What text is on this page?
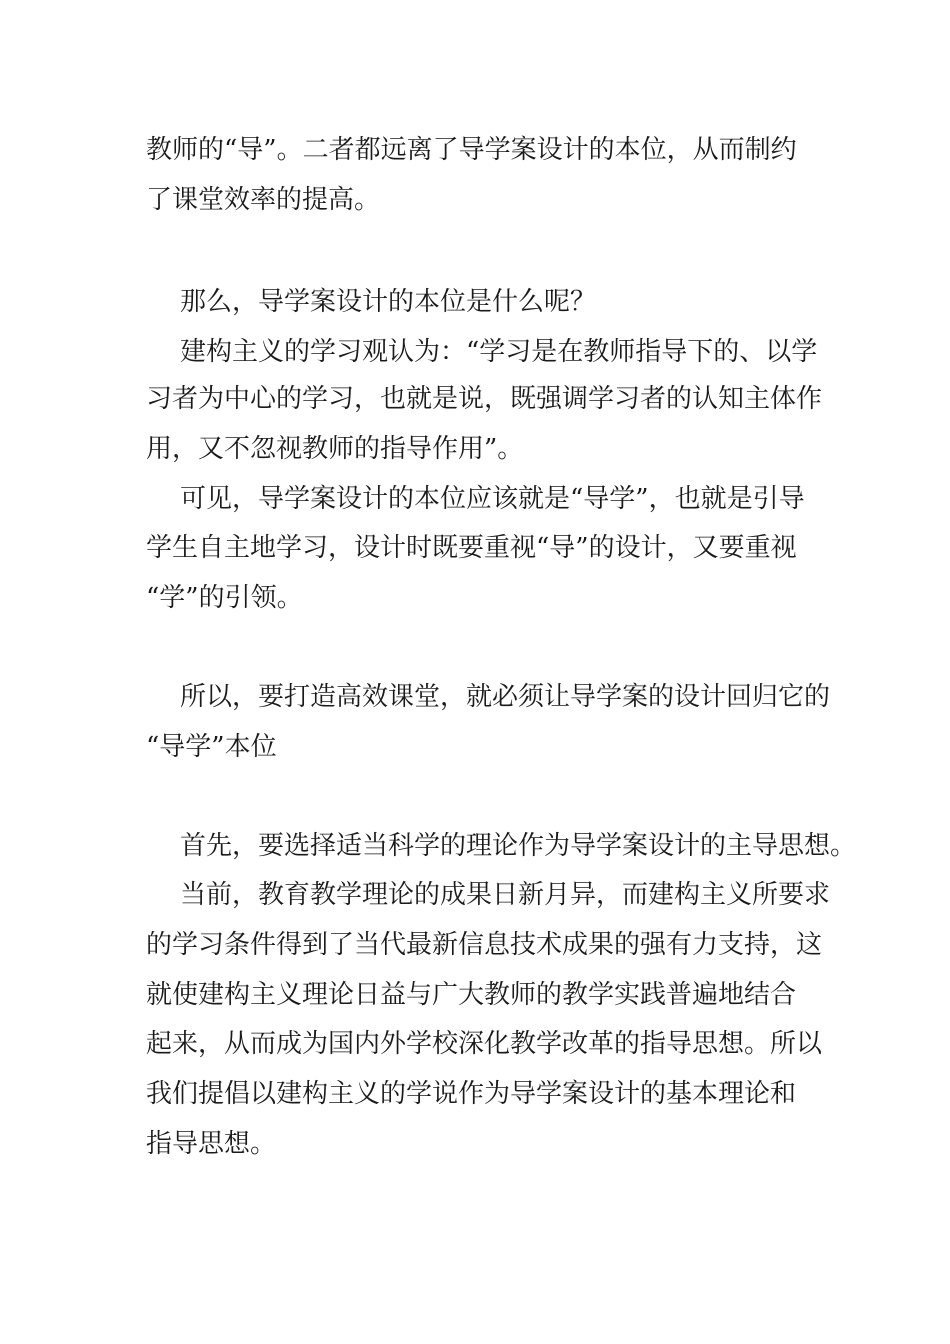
教师的“导”。二者都远离了导学案设计的本位，从而制约
了课堂效率的提高。
那么，导学案设计的本位是什么呢？
建构主义的学习观认为：“学习是在教师指导下的、以学
习者为中心的学习，也就是说，既强调学习者的认知主体作
用，又不忽视教师的指导作用”。
可见，导学案设计的本位应该就是“导学”，也就是引导
学生自主地学习，设计时既要重视“导”的设计，又要重视
“学”的引领。
所以，要打造高效课堂，就必须让导学案的设计回归它的
“导学”本位
首先，要选择适当科学的理论作为导学案设计的主导思想。
当前，教育教学理论的成果日新月异，而建构主义所要求
的学习条件得到了当代最新信息技术成果的强有力支持，这
就使建构主义理论日益与广大教师的教学实践普遍地结合
起来，从而成为国内外学校深化教学改革的指导思想。所以
我们提倡以建构主义的学说作为导学案设计的基本理论和
指导思想。
